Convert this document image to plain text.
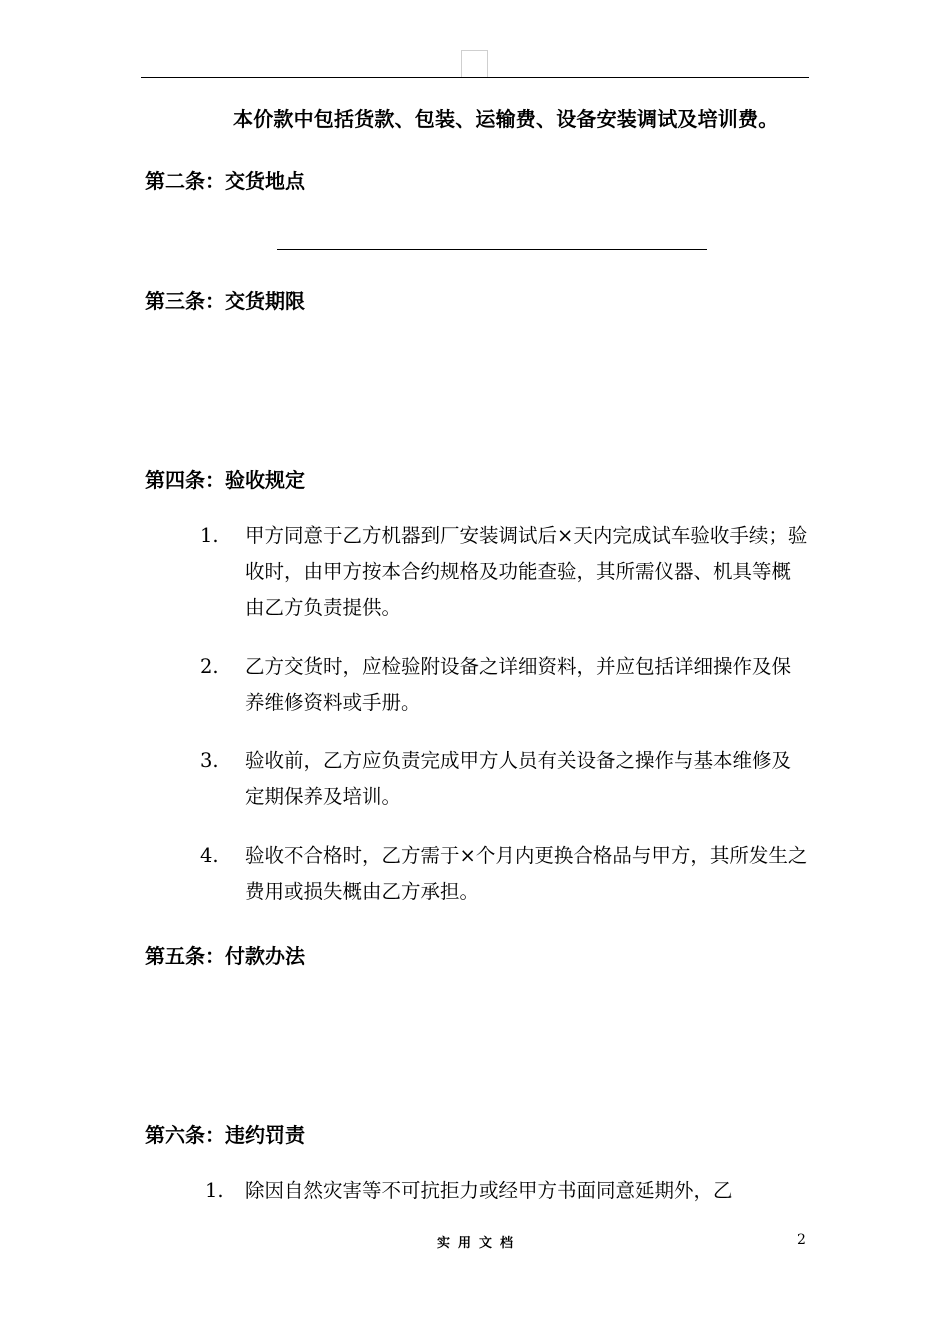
本价款中包括货款、包装、运输费、设备安装调试及培训费。
第二条：交货地点
第三条：交货期限
第四条：验收规定
1.	甲方同意于乙方机器到厂安装调试后×天内完成试车验收手续；验收时，由甲方按本合约规格及功能查验，其所需仪器、机具等概由乙方负责提供。
2.	乙方交货时，应检验附设备之详细资料，并应包括详细操作及保养维修资料或手册。
3.	验收前，乙方应负责完成甲方人员有关设备之操作与基本维修及定期保养及培训。
4.	验收不合格时，乙方需于×个月内更换合格品与甲方，其所发生之费用或损失概由乙方承担。
第五条：付款办法
第六条：违约罚责
1.	除因自然灾害等不可抗拒力或经甲方书面同意延期外，乙
实用文档	2
